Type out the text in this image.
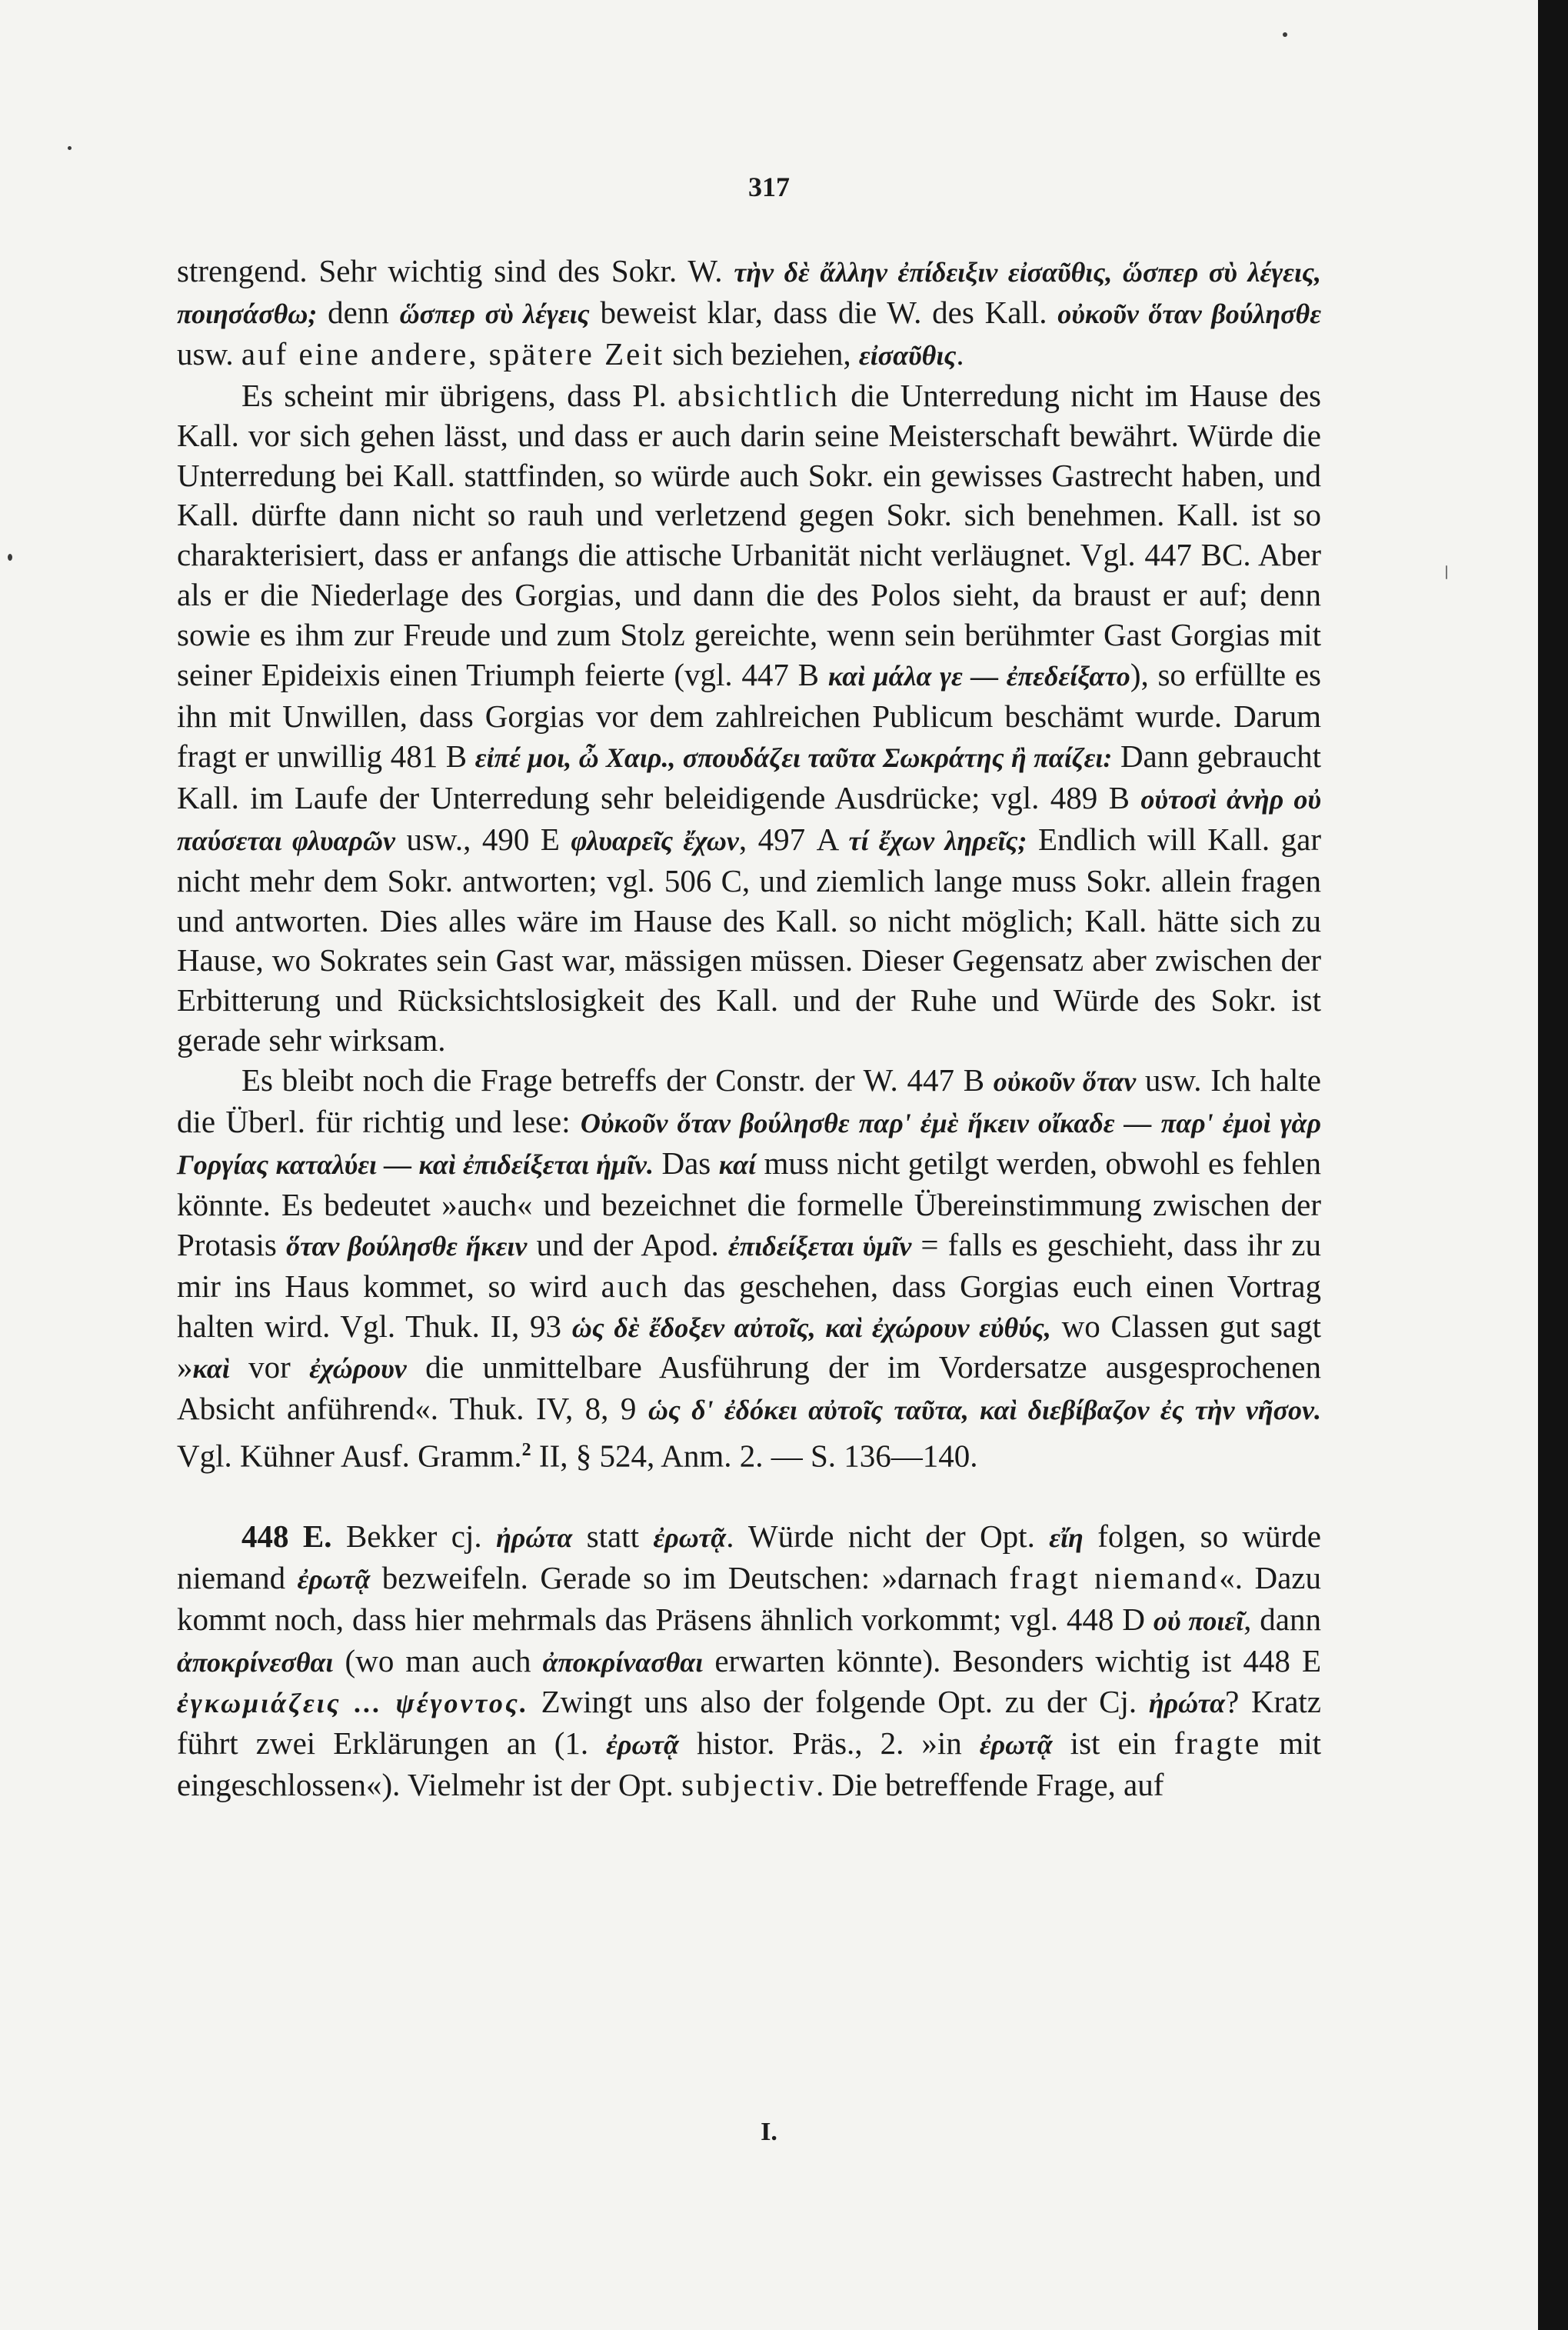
317

strengend. Sehr wichtig sind des Sokr. W. τὴν δὲ ἄλλην ἐπίδειξιν εἰσαῦθις, ὥσπερ σὺ λέγεις, ποιησάσθω; denn ὥσπερ σὺ λέγεις beweist klar, dass die W. des Kall. οὐκοῦν ὅταν βούλησθε usw. auf eine andere, spätere Zeit sich beziehen, εἰσαῦθις.

Es scheint mir übrigens, dass Pl. absichtlich die Unterredung nicht im Hause des Kall. vor sich gehen lässt, und dass er auch darin seine Meisterschaft bewährt. Würde die Unterredung bei Kall. stattfinden, so würde auch Sokr. ein gewisses Gastrecht haben, und Kall. dürfte dann nicht so rauh und verletzend gegen Sokr. sich benehmen. Kall. ist so charakterisiert, dass er anfangs die attische Urbanität nicht verläugnet. Vgl. 447 BC. Aber als er die Niederlage des Gorgias, und dann die des Polos sieht, da braust er auf; denn sowie es ihm zur Freude und zum Stolz gereichte, wenn sein berühmter Gast Gorgias mit seiner Epideixis einen Triumph feierte (vgl. 447 B καὶ μάλα γε — ἐπεδείξατο), so erfüllte es ihn mit Unwillen, dass Gorgias vor dem zahlreichen Publicum beschämt wurde. Darum fragt er unwillig 481 B εἰπέ μοι, ὦ Χαιρ., σπουδάζει ταῦτα Σωκράτης ἢ παίζει: Dann gebraucht Kall. im Laufe der Unterredung sehr beleidigende Ausdrücke; vgl. 489 B οὑτοσὶ ἀνὴρ οὐ παύσεται φλυαρῶν usw., 490 E φλυαρεῖς ἔχων, 497 A τί ἔχων ληρεῖς; Endlich will Kall. gar nicht mehr dem Sokr. antworten; vgl. 506 C, und ziemlich lange muss Sokr. allein fragen und antworten. Dies alles wäre im Hause des Kall. so nicht möglich; Kall. hätte sich zu Hause, wo Sokrates sein Gast war, mässigen müssen. Dieser Gegensatz aber zwischen der Erbitterung und Rücksichtslosigkeit des Kall. und der Ruhe und Würde des Sokr. ist gerade sehr wirksam.

Es bleibt noch die Frage betreffs der Constr. der W. 447 B οὐκοῦν ὅταν usw. Ich halte die Überl. für richtig und lese: Οὐκοῦν ὅταν βούλησθε παρ' ἐμὲ ἥκειν οἴκαδε — παρ' ἐμοὶ γὰρ Γοργίας καταλύει — καὶ ἐπιδείξεται ἡμῖν. Das καί muss nicht getilgt werden, obwohl es fehlen könnte. Es bedeutet »auch« und bezeichnet die formelle Übereinstimmung zwischen der Protasis ὅταν βούλησθε ἥκειν und der Apod. ἐπιδείξεται ὑμῖν = falls es geschieht, dass ihr zu mir ins Haus kommet, so wird auch das geschehen, dass Gorgias euch einen Vortrag halten wird. Vgl. Thuk. II, 93 ὡς δὲ ἔδοξεν αὐτοῖς, καὶ ἐχώρουν εὐθύς, wo Classen gut sagt »καὶ vor ἐχώρουν die unmittelbare Ausführung der im Vordersatze ausgesprochenen Absicht anführend«. Thuk. IV, 8, 9 ὡς δ' ἐδόκει αὐτοῖς ταῦτα, καὶ διεβίβαζον ἐς τὴν νῆσον. Vgl. Kühner Ausf. Gramm.$^2$ II, § 524, Anm. 2. — S. 136—140.

448 E. Bekker cj. ἠρώτα statt ἐρωτᾷ. Würde nicht der Opt. εἴη folgen, so würde niemand ἐρωτᾷ bezweifeln. Gerade so im Deutschen: »darnach fragt niemand«. Dazu kommt noch, dass hier mehrmals das Präsens ähnlich vorkommt; vgl. 448 D οὐ ποιεῖ, dann ἀποκρίνεσθαι (wo man auch ἀποκρίνασθαι erwarten könnte). Besonders wichtig ist 448 E ἐγκωμιάζεις ... ψέγοντος. Zwingt uns also der folgende Opt. zu der Cj. ἠρώτα? Kratz führt zwei Erklärungen an (1. ἐρωτᾷ histor. Präs., 2. »in ἐρωτᾷ ist ein fragte mit eingeschlossen«). Vielmehr ist der Opt. subjectiv. Die betreffende Frage, auf

I.
